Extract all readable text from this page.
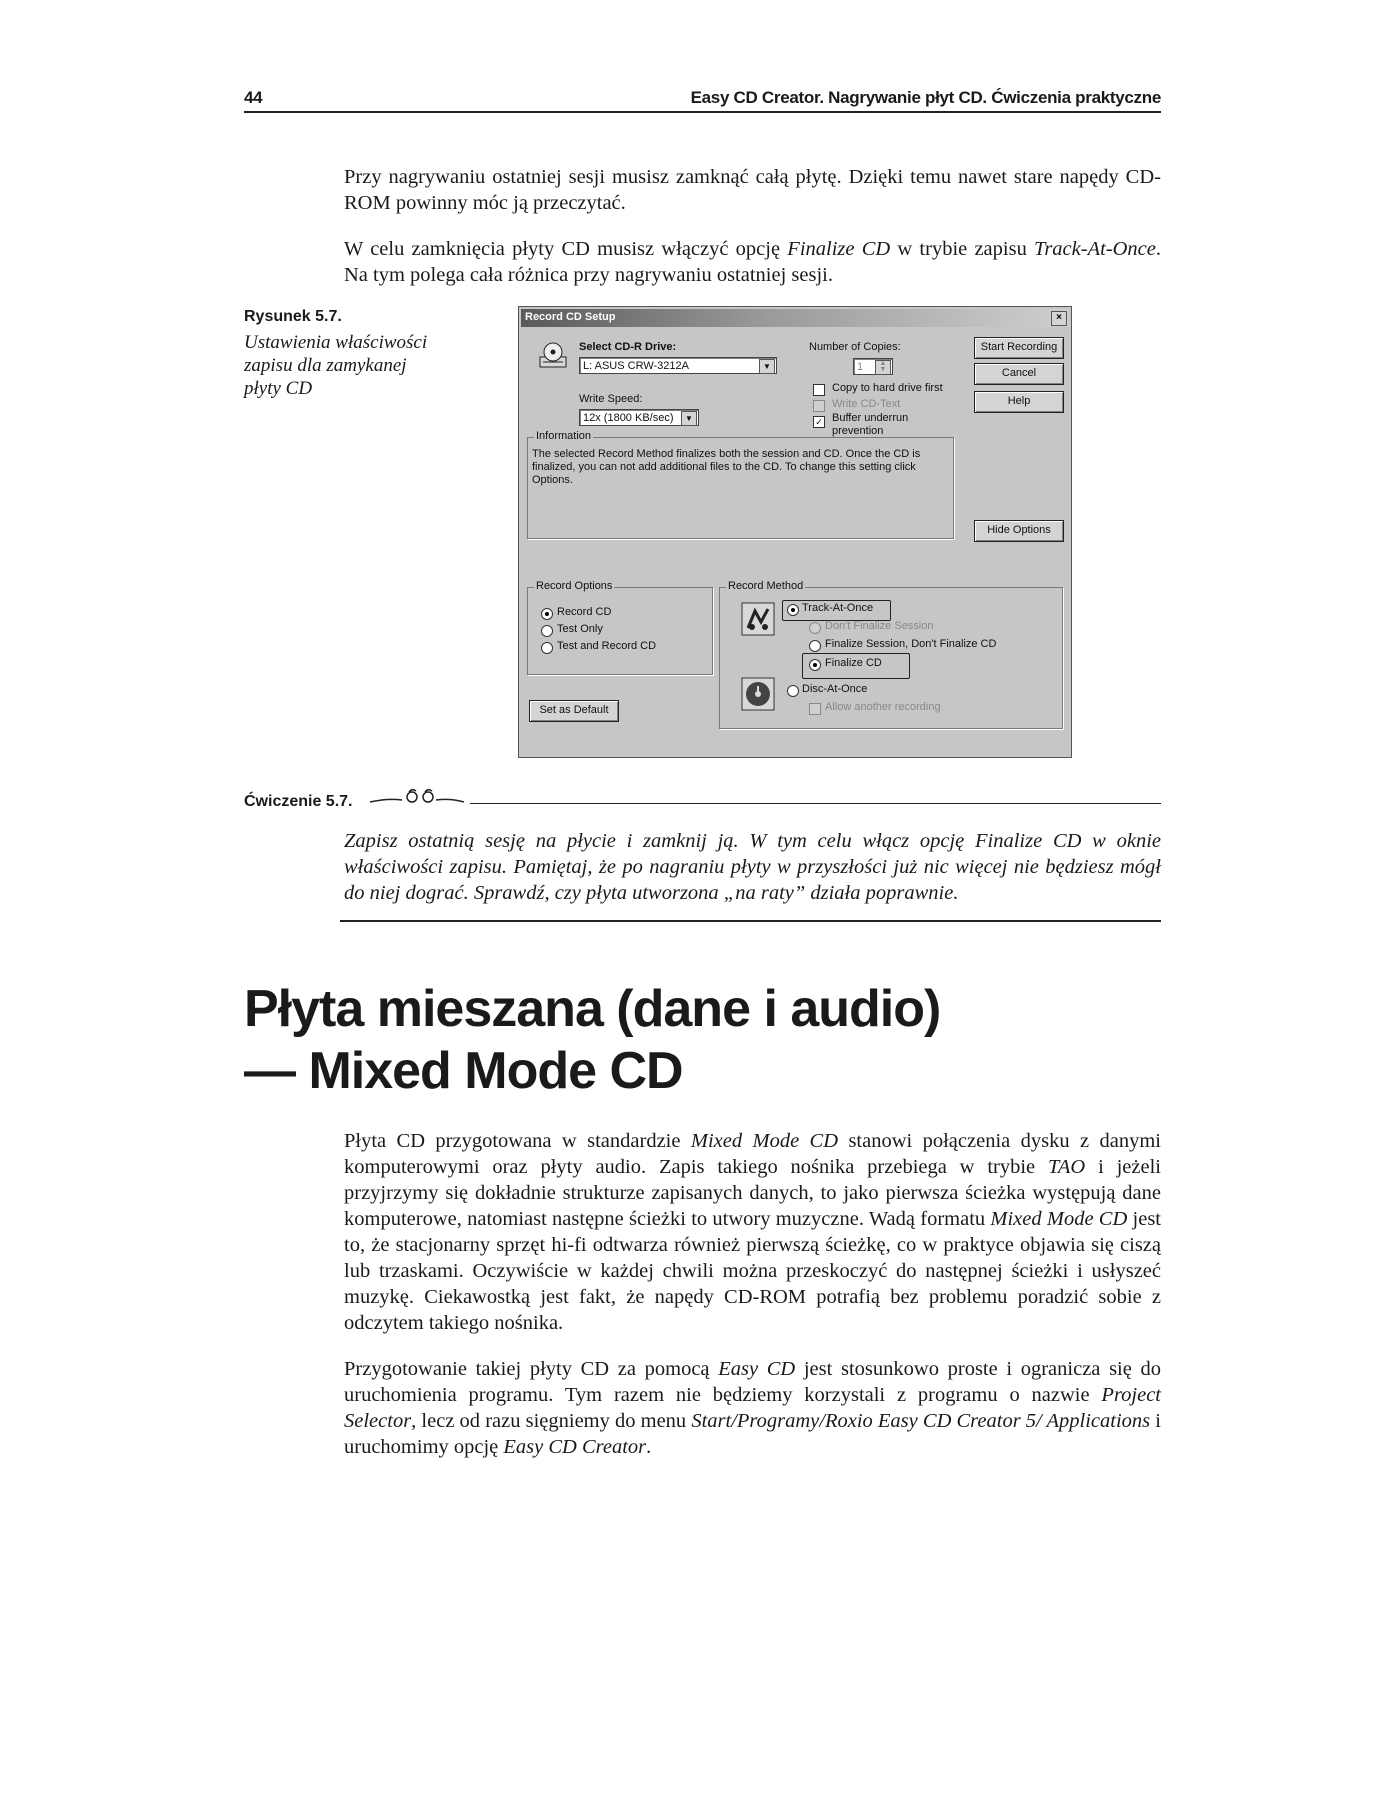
44	Easy CD Creator. Nagrywanie płyt CD. Ćwiczenia praktyczne

Przy nagrywaniu ostatniej sesji musisz zamknąć całą płytę. Dzięki temu nawet stare napędy CD-ROM powinny móc ją przeczytać.

W celu zamknięcia płyty CD musisz włączyć opcję Finalize CD w trybie zapisu Track-At-Once. Na tym polega cała różnica przy nagrywaniu ostatniej sesji.

Rysunek 5.7.
Ustawienia właściwości zapisu dla zamykanej płyty CD
Record CD Setup	×
Select CD-R Drive:
L: ASUS CRW-3212A	▼
Number of Copies:
1	▲
▼
Write Speed:
12x (1800 KB/sec)	▼
Copy to hard drive first
Write CD-Text
✓ Buffer underrun
prevention
Start Recording
Cancel
Help
Information
The selected Record Method finalizes both the session and CD. Once the CD is finalized, you can not add additional files to the CD. To change this setting click Options.
Hide Options
Record Options
Record CD
Test Only
Test and Record CD
Set as Default
Record Method
Track-At-Once
Don't Finalize Session
Finalize Session, Don't Finalize CD
Finalize CD
Disc-At-Once
Allow another recording
Ćwiczenie 5.7.
Zapisz ostatnią sesję na płycie i zamknij ją. W tym celu włącz opcję Finalize CD w oknie właściwości zapisu. Pamiętaj, że po nagraniu płyty w przyszłości już nic więcej nie będziesz mógł do niej dograć. Sprawdź, czy płyta utworzona „na raty” działa poprawnie.
Płyta mieszana (dane i audio)
— Mixed Mode CD

Płyta CD przygotowana w standardzie Mixed Mode CD stanowi połączenia dysku z danymi komputerowymi oraz płyty audio. Zapis takiego nośnika przebiega w trybie TAO i jeżeli przyjrzymy się dokładnie strukturze zapisanych danych, to jako pierwsza ścieżka występują dane komputerowe, natomiast następne ścieżki to utwory muzyczne. Wadą formatu Mixed Mode CD jest to, że stacjonarny sprzęt hi-fi odtwarza również pierwszą ścieżkę, co w praktyce objawia się ciszą lub trzaskami. Oczywiście w każdej chwili można przeskoczyć do następnej ścieżki i usłyszeć muzykę. Ciekawostką jest fakt, że napędy CD-ROM potrafią bez problemu poradzić sobie z odczytem takiego nośnika.

Przygotowanie takiej płyty CD za pomocą Easy CD jest stosunkowo proste i ogranicza się do uruchomienia programu. Tym razem nie będziemy korzystali z programu o nazwie Project Selector, lecz od razu sięgniemy do menu Start/Programy/Roxio Easy CD Creator 5/ Applications i uruchomimy opcję Easy CD Creator.
